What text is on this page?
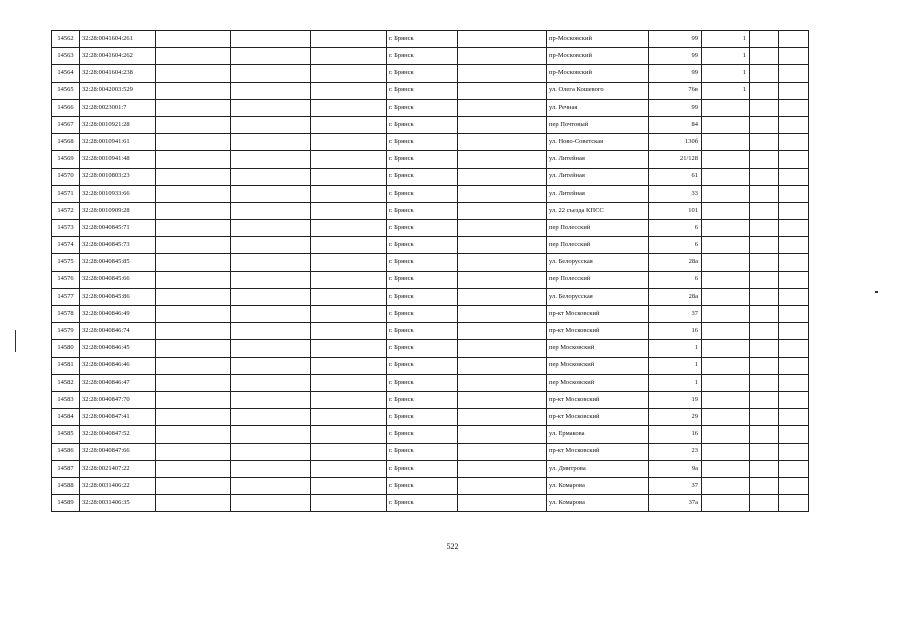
14562	32:28:0041604:261				г. Брянск		пр-Московский	99	1		
14563	32:28:0041604:262				г. Брянск		пр-Московский	99	1		
14564	32:28:0041604:238				г. Брянск		пр-Московский	99	1		
14565	32:28:0042003:529				г. Брянск		ул. Олега Кошевого	76в	1		
14566	32:28:0023001:7				г. Брянск		ул. Речная	99			
14567	32:28:0010921:28				г. Брянск		пер Почтовый	84			
14568	32:28:0010941:61				г. Брянск		ул. Ново-Советская	130б			
14569	32:28:0010941:48				г. Брянск		ул. Литейная	21/128			
14570	32:28:0010803:23				г. Брянск		ул. Литейная	61			
14571	32:28:0010933:66				г. Брянск		ул. Литейная	33			
14572	32:28:0010909:28				г. Брянск		ул. 22 съезда КПСС	101			
14573	32:28:0040845:71				г. Брянск		пер Полесский	6			
14574	32:28:0040845:73				г. Брянск		пер Полесский	6			
14575	32:28:0040845:85				г. Брянск		ул. Белорусская	28а			
14576	32:28:0040845:66				г. Брянск		пер Полесский	6			
14577	32:28:0040845:86				г. Брянск		ул. Белорусская	28а			
14578	32:28:0040846:49				г. Брянск		пр-кт Московский	37			
14579	32:28:0040846:74				г. Брянск		пр-кт Московский	16			
14580	32:28:0040846:45				г. Брянск		пер Московский	1			
14581	32:28:0040846:46				г. Брянск		пер Московский	1			
14582	32:28:0040846:47				г. Брянск		пер Московский	1			
14583	32:28:0040847:70				г. Брянск		пр-кт Московский	19			
14584	32:28:0040847:41				г. Брянск		пр-кт Московский	29			
14585	32:28:0040847:52				г. Брянск		ул. Ермакова	16			
14586	32:28:0040847:66				г. Брянск		пр-кт Московский	23			
14587	32:28:0021407:22				г. Брянск		ул. Дмитрова	9а			
14588	32:28:0031406:22				г. Брянск		ул. Комарова	37			
14589	32:28:0031406:35				г. Брянск		ул. Комарова	37а			
522
